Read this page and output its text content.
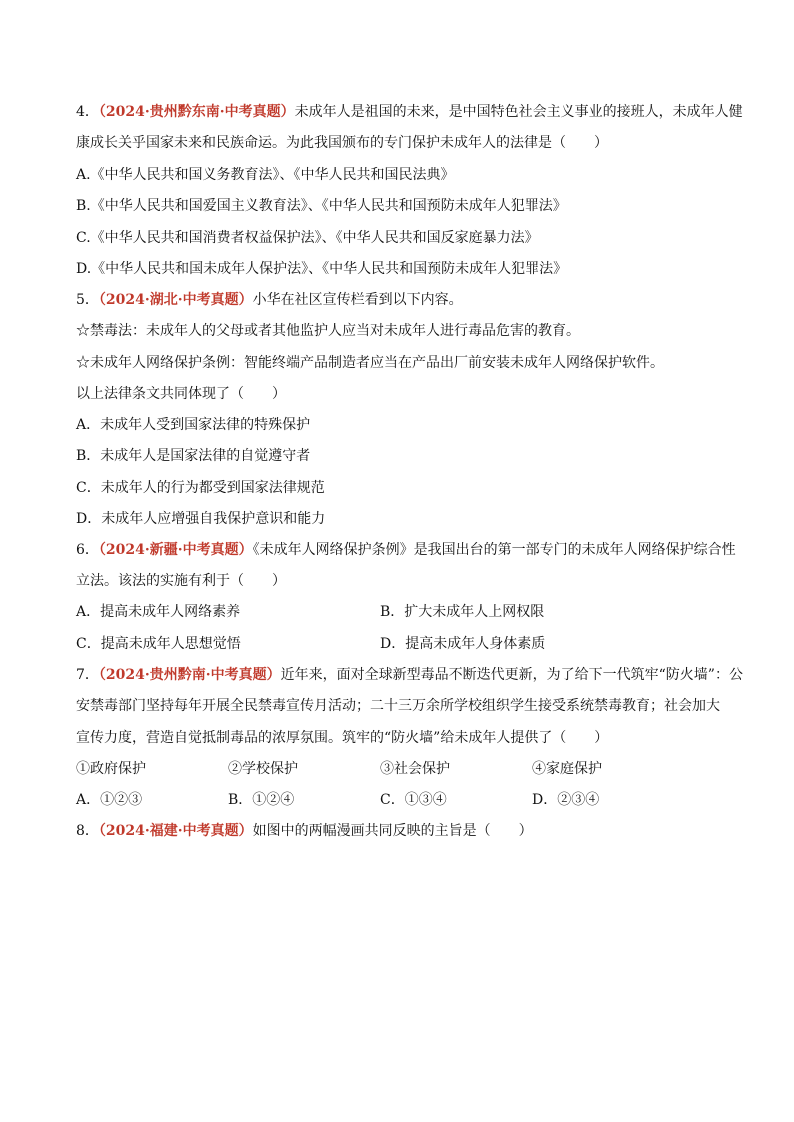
4．（2024·贵州黔东南·中考真题）未成年人是祖国的未来，是中国特色社会主义事业的接班人，未成年人健
康成长关乎国家未来和民族命运。为此我国颁布的专门保护未成年人的法律是（　　）
A.《中华人民共和国义务教育法》、《中华人民共和国民法典》
B.《中华人民共和国爱国主义教育法》、《中华人民共和国预防未成年人犯罪法》
C.《中华人民共和国消费者权益保护法》、《中华人民共和国反家庭暴力法》
D.《中华人民共和国未成年人保护法》、《中华人民共和国预防未成年人犯罪法》
5．（2024·湖北·中考真题）小华在社区宣传栏看到以下内容。
☆禁毒法：未成年人的父母或者其他监护人应当对未成年人进行毒品危害的教育。
☆未成年人网络保护条例：智能终端产品制造者应当在产品出厂前安装未成年人网络保护软件。
以上法律条文共同体现了（　　）
A．未成年人受到国家法律的特殊保护
B．未成年人是国家法律的自觉遵守者
C．未成年人的行为都受到国家法律规范
D．未成年人应增强自我保护意识和能力
6．（2024·新疆·中考真题）《未成年人网络保护条例》是我国出台的第一部专门的未成年人网络保护综合性
立法。该法的实施有利于（　　）
A．提高未成年人网络素养	B．扩大未成年人上网权限
C．提高未成年人思想觉悟	D．提高未成年人身体素质
7．（2024·贵州黔南·中考真题）近年来，面对全球新型毒品不断迭代更新，为了给下一代筑牢“防火墙”：公
安禁毒部门坚持每年开展全民禁毒宣传月活动；二十三万余所学校组织学生接受系统禁毒教育；社会加大
宣传力度，营造自觉抵制毒品的浓厚氛围。筑牢的“防火墙”给未成年人提供了（　　）
①政府保护	②学校保护	③社会保护	④家庭保护
A．①②③	B．①②④	C．①③④	D．②③④
8．（2024·福建·中考真题）如图中的两幅漫画共同反映的主旨是（　　）
